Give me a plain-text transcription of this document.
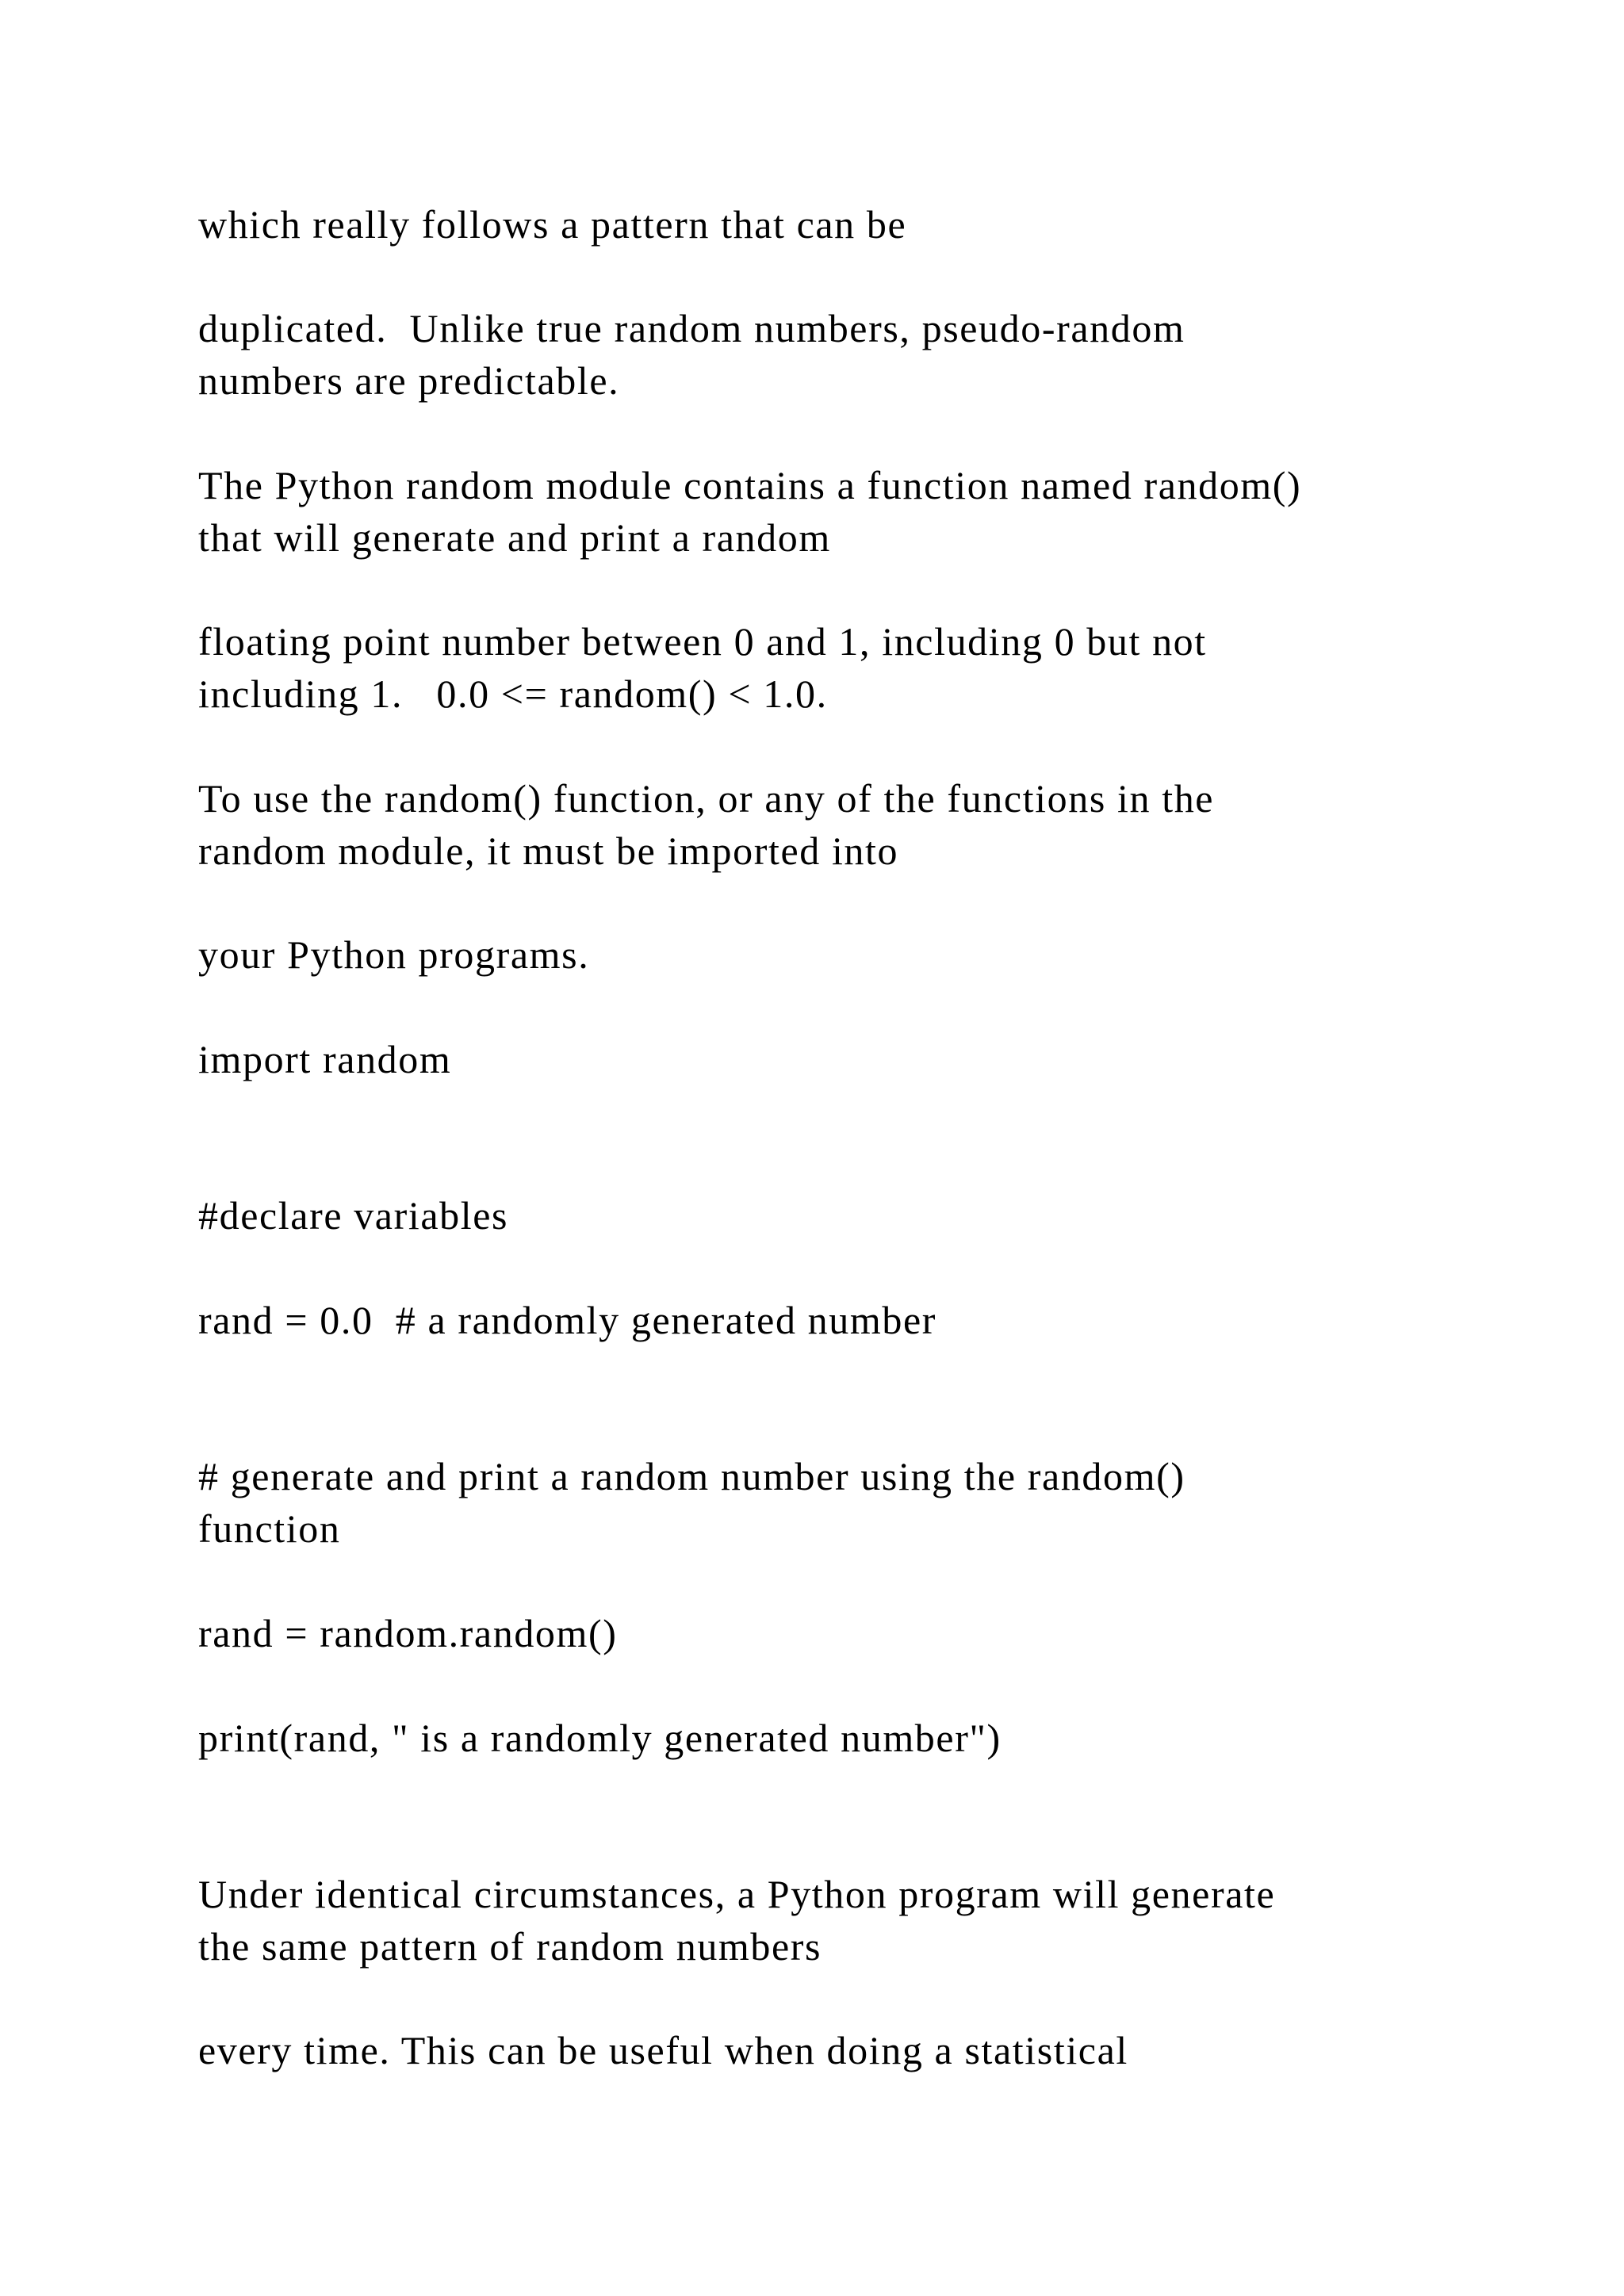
which really follows a pattern that can be

duplicated.  Unlike true random numbers, pseudo-random
numbers are predictable.

The Python random module contains a function named random()
that will generate and print a random

floating point number between 0 and 1, including 0 but not
including 1.   0.0 <= random() < 1.0.

To use the random() function, or any of the functions in the
random module, it must be imported into

your Python programs.

import random

#declare variables

rand = 0.0  # a randomly generated number

# generate and print a random number using the random()
function

rand = random.random()

print(rand, " is a randomly generated number")

Under identical circumstances, a Python program will generate
the same pattern of random numbers

every time. This can be useful when doing a statistical
